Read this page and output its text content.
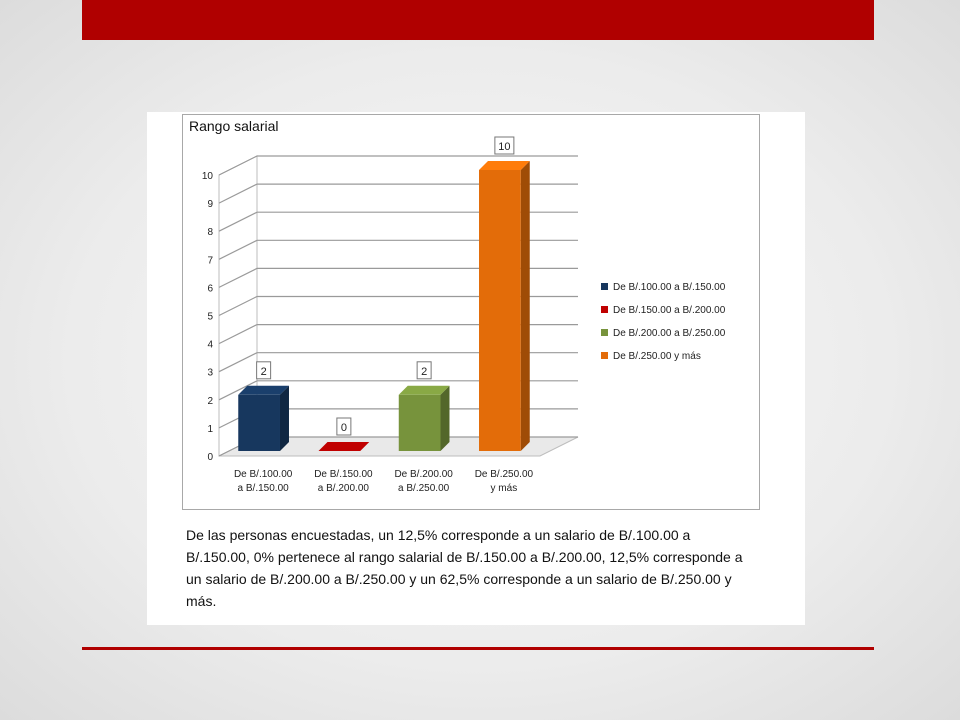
Rango salarial
0
1
2
3
4
5
6
7
8
9
10
2
0
2
10
De B/.100.00
a B/.150.00
De B/.150.00
a B/.200.00
De B/.200.00
a B/.250.00
De B/.250.00
y más
De B/.100.00 a B/.150.00
De B/.150.00 a B/.200.00
De B/.200.00 a B/.250.00
De B/.250.00 y más

De las personas encuestadas, un 12,5% corresponde a un salario de B/.100.00 a B/.150.00, 0% pertenece al rango salarial de B/.150.00 a B/.200.00, 12,5% corresponde a un salario de B/.200.00 a B/.250.00 y un 62,5% corresponde a un salario de B/.250.00 y más.
